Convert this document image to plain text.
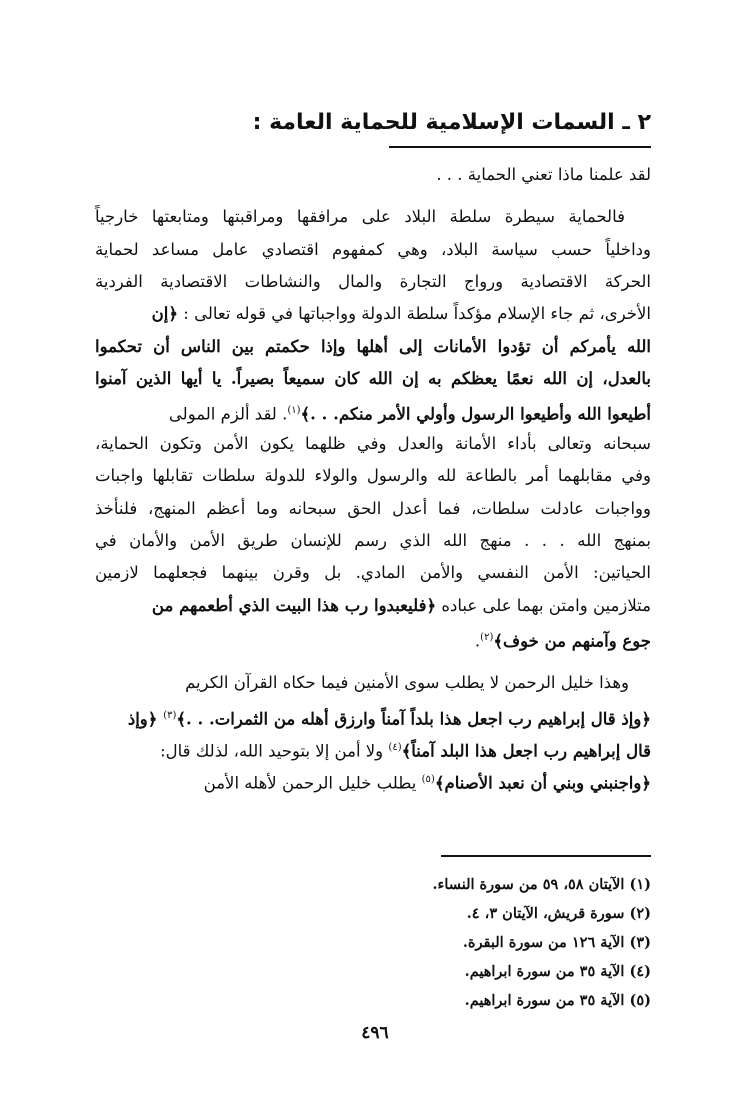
٢ ـ السمات الإسلامية للحماية العامة :
لقد علمنا ماذا تعني الحماية . . .
فالحماية سيطرة سلطة البلاد على مرافقها ومراقبتها ومتابعتها خارجياً
وداخلياً حسب سياسة البلاد، وهي كمفهوم اقتصادي عامل مساعد لحماية
الحركة الاقتصادية ورواج التجارة والمال والنشاطات الاقتصادية الفردية
الأخرى، ثم جاء الإسلام مؤكداً سلطة الدولة وواجباتها في قوله تعالى : ﴿إن
الله يأمركم أن تؤدوا الأمانات إلى أهلها وإذا حكمتم بين الناس أن تحكموا
بالعدل، إن الله نعمًا يعظكم به إن الله كان سميعاً بصيراً. يا أيها الذين آمنوا
أطيعوا الله وأطيعوا الرسول وأولي الأمر منكم. . .﴾$^{(١)}$. لقد ألزم المولى
سبحانه وتعالى بأداء الأمانة والعدل وفي ظلهما يكون الأمن وتكون الحماية،
وفي مقابلهما أمر بالطاعة لله والرسول والولاء للدولة سلطات تقابلها واجبات
وواجبات عادلت سلطات، فما أعدل الحق سبحانه وما أعظم المنهج، فلنأخذ
بمنهج الله . . . منهج الله الذي رسم للإنسان طريق الأمن والأمان في
الحياتين: الأمن النفسي والأمن المادي. بل وقرن بينهما فجعلهما لازمين
متلازمين وامتن بهما على عباده ﴿فليعبدوا رب هذا البيت الذي أطعمهم من
جوع وآمنهم من خوف﴾$^{(٢)}$.
وهذا خليل الرحمن لا يطلب سوى الأمنين فيما حكاه القرآن الكريم
﴿وإذ قال إبراهيم رب اجعل هذا بلداً آمناً وارزق أهله من الثمرات. . .﴾$^{(٣)}$ ﴿وإذ
قال إبراهيم رب اجعل هذا البلد آمناً﴾$^{(٤)}$ ولا أمن إلا بتوحيد الله، لذلك قال:
﴿واجنبني وبني أن نعبد الأصنام﴾$^{(٥)}$ يطلب خليل الرحمن لأهله الأمن
(١) الآيتان ٥٨، ٥٩ من سورة النساء.
(٢) سورة قريش، الآيتان ٣، ٤.
(٣) الآية ١٢٦ من سورة البقرة.
(٤) الآية ٣٥ من سورة ابراهيم.
(٥) الآية ٣٥ من سورة ابراهيم.
٤٩٦
